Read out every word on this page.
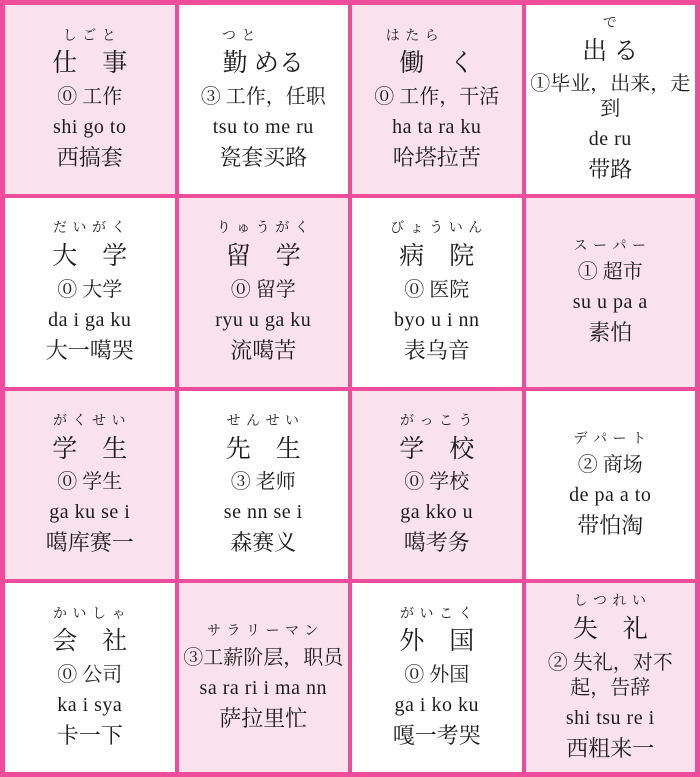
し ご と
仕　事
⓪ 工作
shi go to
西搞套
つ と
勤 める
③ 工作，任职
tsu to me ru
瓷套买路
は た ら
働　く
⓪ 工作，干活
ha ta ra ku
哈塔拉苦
で
出 る
①毕业，出来，走到
de ru
带路
だ い が く
大　学
⓪ 大学
da i ga ku
大一噶哭
り ゅ う が く
留　学
⓪ 留学
ryu u ga ku
流噶苦
び ょ う い ん
病　院
⓪ 医院
byo u i nn
表乌音
ス ー パ ー
① 超市
su u pa a
素怕
が く せ い
学　生
⓪ 学生
ga ku se i
噶库赛一
せ ん せ い
先　生
③ 老师
se nn se i
森赛义
が っ こ う
学　校
⓪ 学校
ga kko u
噶考务
デ パ ー ト
② 商场
de pa a to
带怕淘
か い し ゃ
会　社
⓪ 公司
ka i sya
卡一下
サ ラ リ ー マ ン
③工薪阶层，职员
sa ra ri i ma nn
萨拉里忙
が い こ く
外　国
⓪ 外国
ga i ko ku
嘎一考哭
し つ れ い
失　礼
② 失礼，对不起，告辞
shi tsu re i
西粗来一
